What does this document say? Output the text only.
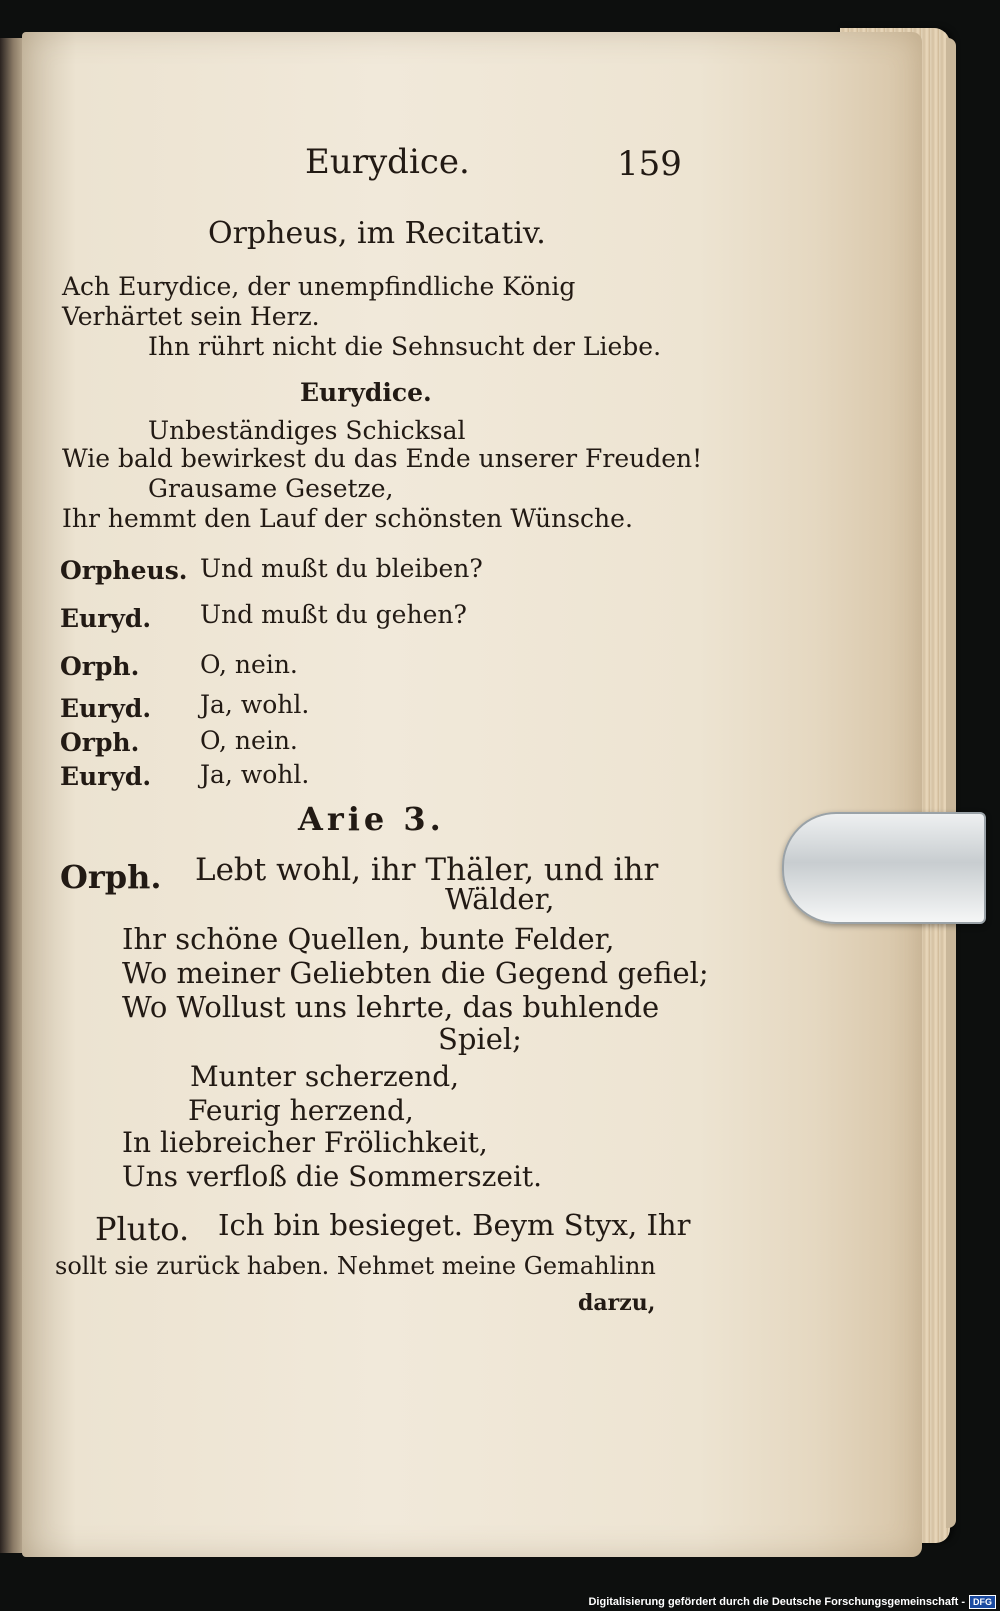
Eurydice.	159
Orpheus, im Recitativ.
Ach Eurydice, der unempfindliche König
Verhärtet sein Herz.
Ihn rührt nicht die Sehnsucht der Liebe.
Eurydice.
Unbeständiges Schicksal
Wie bald bewirkest du das Ende unserer Freuden!
Grausame Gesetze,
Ihr hemmt den Lauf der schönsten Wünsche.
Orpheus. Und mußt du bleiben?
Euryd. Und mußt du gehen?
Orph. O, nein.
Euryd. Ja, wohl.
Orph. O, nein.
Euryd. Ja, wohl.
Arie 3.
Orph. Lebt wohl, ihr Thäler, und ihr
Wälder,
Ihr schöne Quellen, bunte Felder,
Wo meiner Geliebten die Gegend gefiel;
Wo Wollust uns lehrte, das buhlende
Spiel;
Munter scherzend,
Feurig herzend,
In liebreicher Frölichkeit,
Uns verfloß die Sommerszeit.
Pluto. Ich bin besieget. Beym Styx, Ihr
sollt sie zurück haben. Nehmet meine Gemahlinn
darzu,
Digitalisierung gefördert durch die Deutsche Forschungsgemeinschaft - DFG
